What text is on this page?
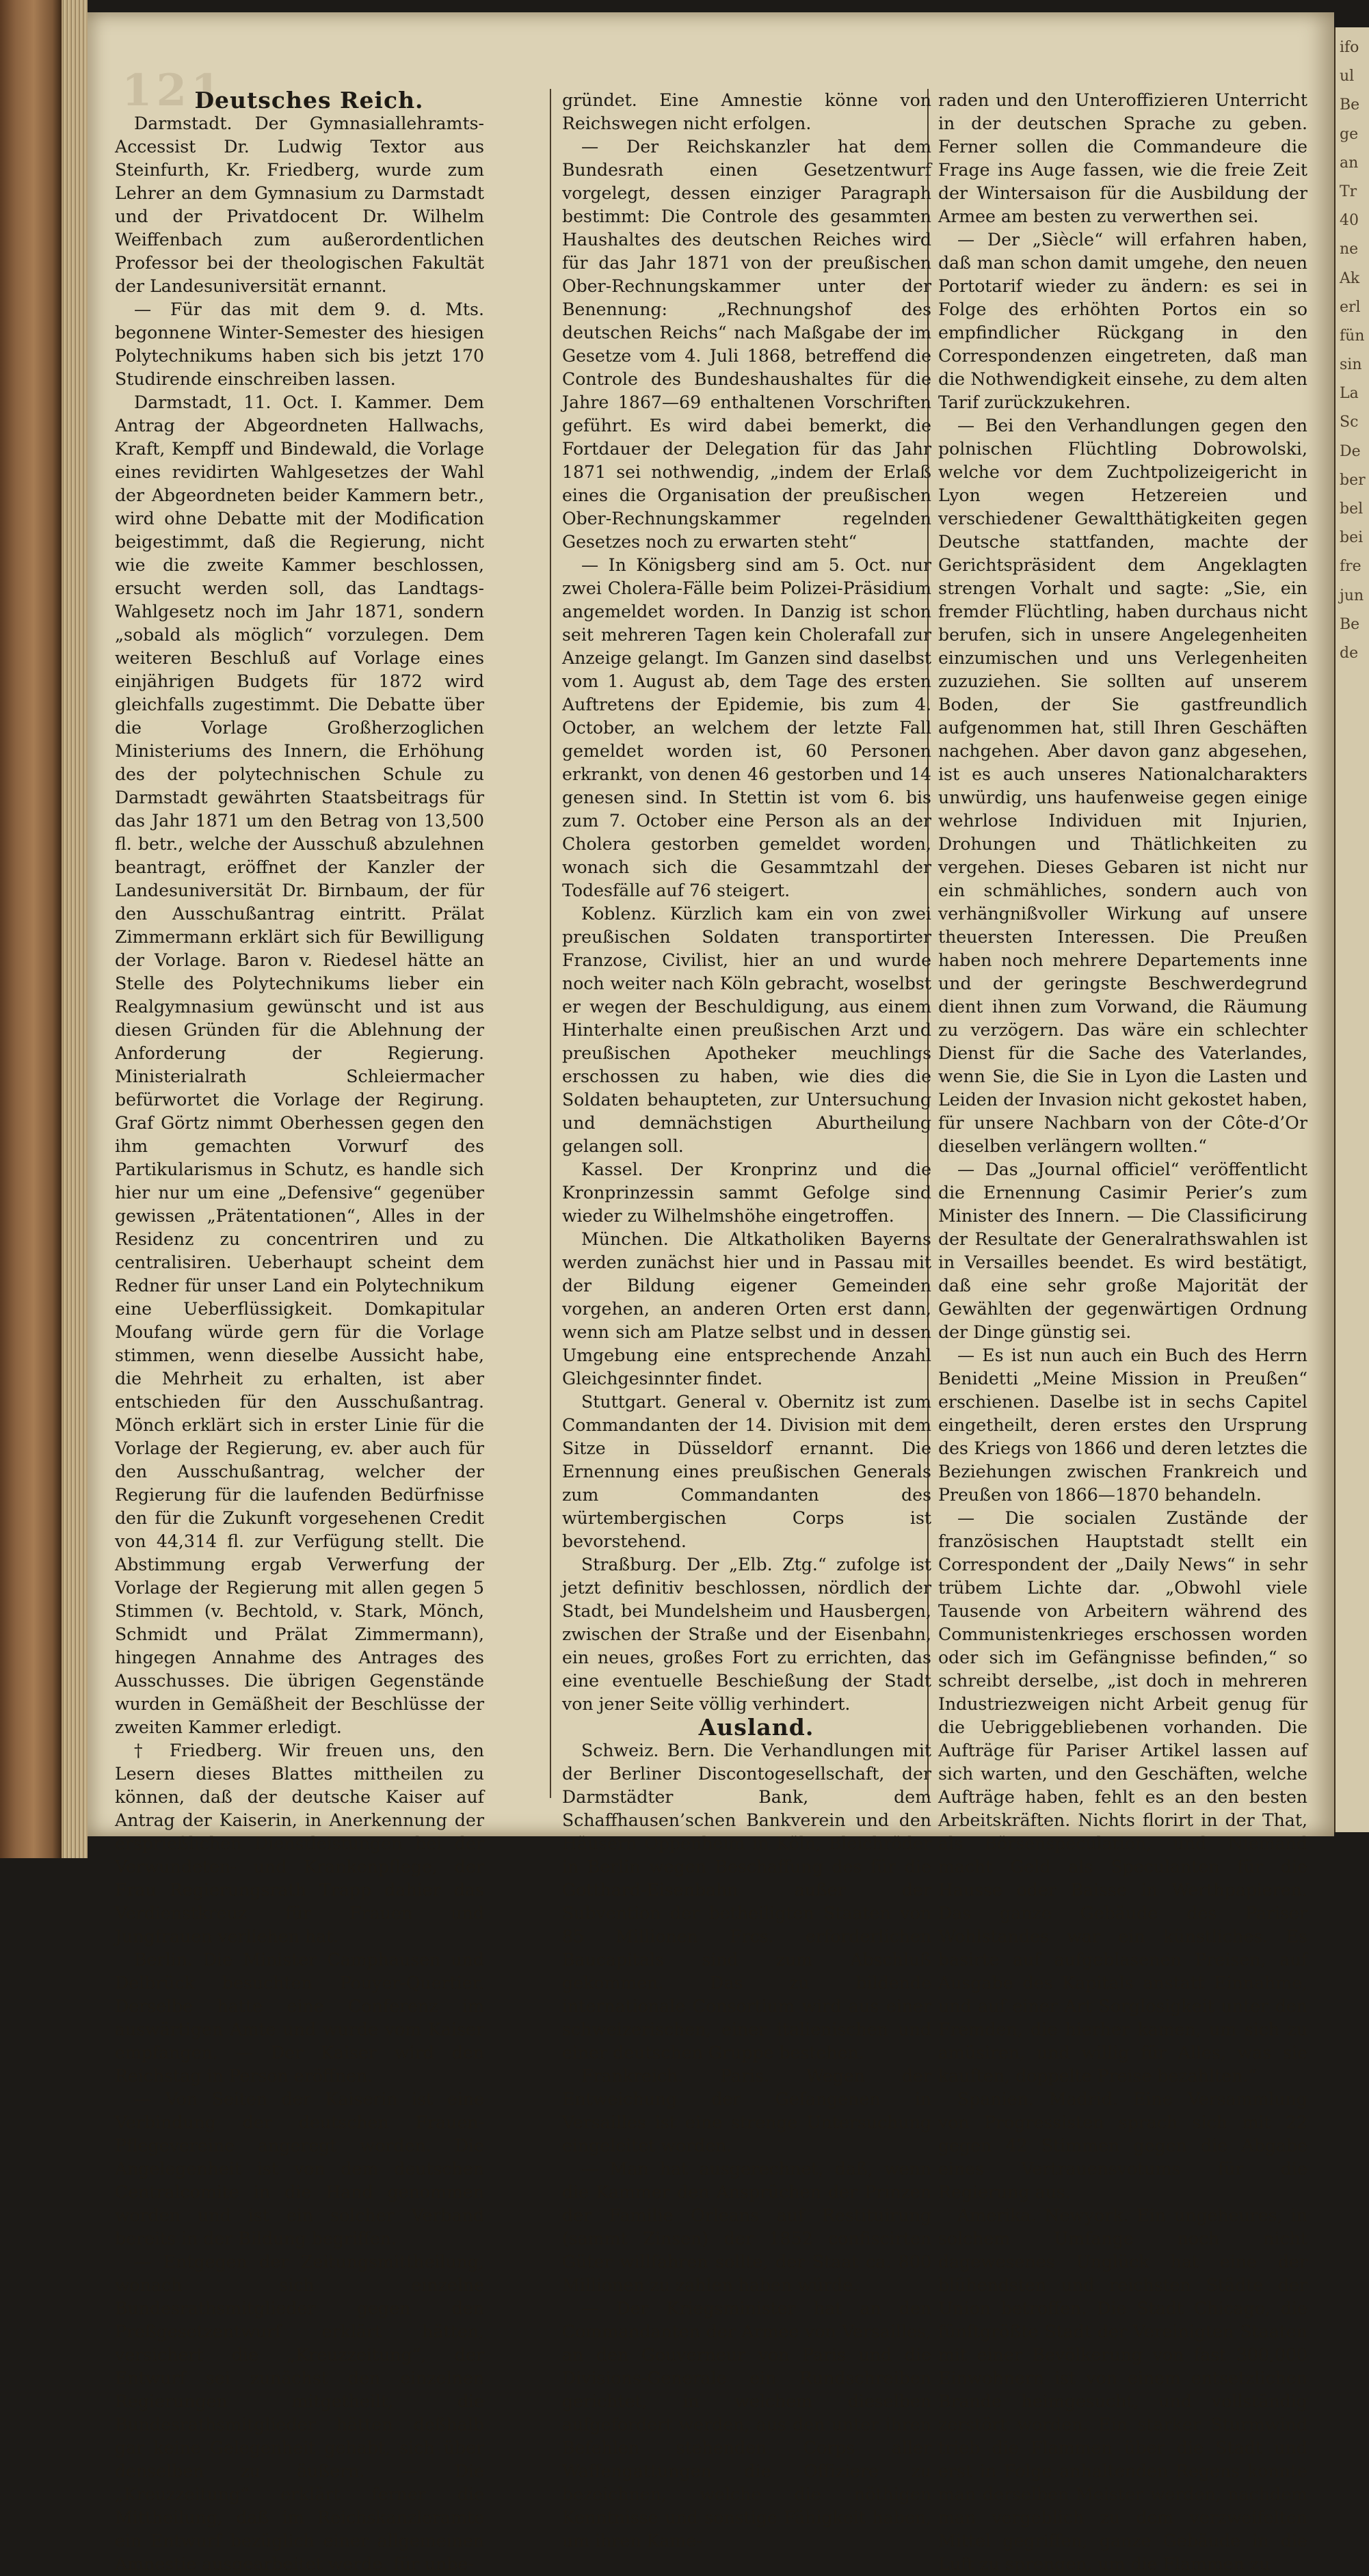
121
ifo
ul
Be
ge
an
Tr
40
ne
Ak
erl
fün
sin
La
Sc
De
ber
bel
bei
fre
jun
Be
de

Deutsches Reich.

Darmstadt. Der Gymnasiallehramts-Accessist Dr. Ludwig Textor aus Steinfurth, Kr. Friedberg, wurde zum Lehrer an dem Gymnasium zu Darmstadt und der Privatdocent Dr. Wilhelm Weiffenbach zum außerordentlichen Professor bei der theologischen Fakultät der Landesuniversität ernannt.

— Für das mit dem 9. d. Mts. begonnene Winter-Semester des hiesigen Polytechnikums haben sich bis jetzt 170 Studirende einschreiben lassen.

Darmstadt, 11. Oct. I. Kammer. Dem Antrag der Abgeordneten Hallwachs, Kraft, Kempff und Bindewald, die Vorlage eines revidirten Wahlgesetzes der Wahl der Abgeordneten beider Kammern betr., wird ohne Debatte mit der Modification beigestimmt, daß die Regierung, nicht wie die zweite Kammer beschlossen, ersucht werden soll, das Landtags-Wahlgesetz noch im Jahr 1871, sondern „sobald als möglich“ vorzulegen. Dem weiteren Beschluß auf Vorlage eines einjährigen Budgets für 1872 wird gleichfalls zugestimmt. Die Debatte über die Vorlage Großherzoglichen Ministeriums des Innern, die Erhöhung des der polytechnischen Schule zu Darmstadt gewährten Staatsbeitrags für das Jahr 1871 um den Betrag von 13,500 fl. betr., welche der Ausschuß abzulehnen beantragt, eröffnet der Kanzler der Landesuniversität Dr. Birnbaum, der für den Ausschußantrag eintritt. Prälat Zimmermann erklärt sich für Bewilligung der Vorlage. Baron v. Riedesel hätte an Stelle des Polytechnikums lieber ein Realgymnasium gewünscht und ist aus diesen Gründen für die Ablehnung der Anforderung der Regierung. Ministerialrath Schleiermacher befürwortet die Vorlage der Regirung. Graf Görtz nimmt Oberhessen gegen den ihm gemachten Vorwurf des Partikularismus in Schutz, es handle sich hier nur um eine „Defensive“ gegenüber gewissen „Prätentationen“, Alles in der Residenz zu concentriren und zu centralisiren. Ueberhaupt scheint dem Redner für unser Land ein Polytechnikum eine Ueberflüssigkeit. Domkapitular Moufang würde gern für die Vorlage stimmen, wenn dieselbe Aussicht habe, die Mehrheit zu erhalten, ist aber entschieden für den Ausschußantrag. Mönch erklärt sich in erster Linie für die Vorlage der Regierung, ev. aber auch für den Ausschußantrag, welcher der Regierung für die laufenden Bedürfnisse den für die Zukunft vorgesehenen Credit von 44,314 fl. zur Verfügung stellt. Die Abstimmung ergab Verwerfung der Vorlage der Regierung mit allen gegen 5 Stimmen (v. Bechtold, v. Stark, Mönch, Schmidt und Prälat Zimmermann), hingegen Annahme des Antrages des Ausschusses. Die übrigen Gegenstände wurden in Gemäßheit der Beschlüsse der zweiten Kammer erledigt.

† Friedberg. Wir freuen uns, den Lesern dieses Blattes mittheilen zu können, daß der deutsche Kaiser auf Antrag der Kaiserin, in Anerkennung der ersprießlichen Dienstleistungen bei der Verwundeten- und Krankenpflege, der Frau Regierungsrath Trapp dahier das Verdienstkreuz für Frauen und Jungfrauen verliehen hat.

Berlin. Die Minister Camphausen und Delbrück besuchten Pouyer-Quertier. Derselbe hatte eine Conferenz im auswärtigen Amte und wurde vom Kaiser empfangen. — Der Kaiser wird den Reichstag in Person eröffnen.

— Von Seiten der Kaiserin ist eine Verbindung der deutschen Frauen-Pflegevereine angeregt worden. Die Angelegenheit ist von dem deutschen Centralcomite in die Hand genommen worden und ist ein solcher Verband bereits in der Bildung begriffen.

— Entgegen der Zeitungsmittheilung, wonach sich einzelne Bundesrathsmitglieder gegen den Preßgesetzentwurf erklärt hätten, versichert die „Kreuzzeitung“, der Entwurf sei zunächst den einzelnen Regierungen mitgetheilt, die Bundesrathsmitglieder hätten deßhalb gar keine Gelegenheit gehabt, sich über denselben zu äußern. — Die „Kreuzzeitung“ erklärt ferner die Mittheilung, daß im Reichskanzleramte ein Entwurf bezüglich einer allgemeinen Amnestie ausgearbeitet werde, für unbe-

gründet. Eine Amnestie könne von Reichswegen nicht erfolgen.

— Der Reichskanzler hat dem Bundesrath einen Gesetzentwurf vorgelegt, dessen einziger Paragraph bestimmt: Die Controle des gesammten Haushaltes des deutschen Reiches wird für das Jahr 1871 von der preußischen Ober-Rechnungskammer unter der Benennung: „Rechnungshof des deutschen Reichs“ nach Maßgabe der im Gesetze vom 4. Juli 1868, betreffend die Controle des Bundeshaushaltes für die Jahre 1867—69 enthaltenen Vorschriften geführt. Es wird dabei bemerkt, die Fortdauer der Delegation für das Jahr 1871 sei nothwendig, „indem der Erlaß eines die Organisation der preußischen Ober-Rechnungskammer regelnden Gesetzes noch zu erwarten steht“

— In Königsberg sind am 5. Oct. nur zwei Cholera-Fälle beim Polizei-Präsidium angemeldet worden. In Danzig ist schon seit mehreren Tagen kein Cholerafall zur Anzeige gelangt. Im Ganzen sind daselbst vom 1. August ab, dem Tage des ersten Auftretens der Epidemie, bis zum 4. October, an welchem der letzte Fall gemeldet worden ist, 60 Personen erkrankt, von denen 46 gestorben und 14 genesen sind. In Stettin ist vom 6. bis zum 7. October eine Person als an der Cholera gestorben gemeldet worden, wonach sich die Gesammtzahl der Todesfälle auf 76 steigert.

Koblenz. Kürzlich kam ein von zwei preußischen Soldaten transportirter Franzose, Civilist, hier an und wurde noch weiter nach Köln gebracht, woselbst er wegen der Beschuldigung, aus einem Hinterhalte einen preußischen Arzt und preußischen Apotheker meuchlings erschossen zu haben, wie dies die Soldaten behaupteten, zur Untersuchung und demnächstigen Aburtheilung gelangen soll.

Kassel. Der Kronprinz und die Kronprinzessin sammt Gefolge sind wieder zu Wilhelmshöhe eingetroffen.

München. Die Altkatholiken Bayerns werden zunächst hier und in Passau mit der Bildung eigener Gemeinden vorgehen, an anderen Orten erst dann, wenn sich am Platze selbst und in dessen Umgebung eine entsprechende Anzahl Gleichgesinnter findet.

Stuttgart. General v. Obernitz ist zum Commandanten der 14. Division mit dem Sitze in Düsseldorf ernannt. Die Ernennung eines preußischen Generals zum Commandanten des würtembergischen Corps ist bevorstehend.

Straßburg. Der „Elb. Ztg.“ zufolge ist jetzt definitiv beschlossen, nördlich der Stadt, bei Mundelsheim und Hausbergen, zwischen der Straße und der Eisenbahn, ein neues, großes Fort zu errichten, das eine eventuelle Beschießung der Stadt von jener Seite völlig verhindert.

Ausland.

Schweiz. Bern. Die Verhandlungen mit der Berliner Discontogesellschaft, der Darmstädter Bank, dem Schaffhausen’schen Bankverein und den Häusern Oppenheim in Köln, Bleichröder in Berlin wegen Beschaffung des für die Gotthard-Eisenbahn außer der Subvention der betheiligten Staaten von 85 Millionen Frcs. erforderlichen Baucapitals sind zum Abschluß gekommen. Das zu bildende internationale Consortium wird aus einer schweizerischen, einer italienischen und einer deutschen Gruppe bestehen.

Frankreich. Paris. Wegen der Entweichung der Gefangenen in Versailles ist eine strenge Untersuchung eingeleitet worden.

— Man hat ausgerechnet, daß, wenn die Kammer den Ansprüchen der Prinzen der Familie Orleans auf Restituirung (sammt Zinsen) der 1852 confiscirten Güter willfahren sollte, der Staat ca. 800 Millionen zu zahlen haben würde.

— Der Kriegsminister hat an den Commandanten der Armee von Versailles, an den Gouverneur von Paris und die Divisions-Generale ein Rundschreiben gerichtet, in welchem dieselben aufgefordert werden, aus den unter ihren Befehlen stehenden Corps aller Waffengattungen die Offiziere zu bezeichnen, welche die nöthigen Kenntnisse und sonstige Fähigkeit haben, um ihren Kame-

raden und den Unteroffizieren Unterricht in der deutschen Sprache zu geben. Ferner sollen die Commandeure die Frage ins Auge fassen, wie die freie Zeit der Wintersaison für die Ausbildung der Armee am besten zu verwerthen sei.

— Der „Siècle“ will erfahren haben, daß man schon damit umgehe, den neuen Portotarif wieder zu ändern: es sei in Folge des erhöhten Portos ein so empfindlicher Rückgang in den Correspondenzen eingetreten, daß man die Nothwendigkeit einsehe, zu dem alten Tarif zurückzukehren.

— Bei den Verhandlungen gegen den polnischen Flüchtling Dobrowolski, welche vor dem Zuchtpolizeigericht in Lyon wegen Hetzereien und verschiedener Gewaltthätigkeiten gegen Deutsche stattfanden, machte der Gerichtspräsident dem Angeklagten strengen Vorhalt und sagte: „Sie, ein fremder Flüchtling, haben durchaus nicht berufen, sich in unsere Angelegenheiten einzumischen und uns Verlegenheiten zuzuziehen. Sie sollten auf unserem Boden, der Sie gastfreundlich aufgenommen hat, still Ihren Geschäften nachgehen. Aber davon ganz abgesehen, ist es auch unseres Nationalcharakters unwürdig, uns haufenweise gegen einige wehrlose Individuen mit Injurien, Drohungen und Thätlichkeiten zu vergehen. Dieses Gebaren ist nicht nur ein schmähliches, sondern auch von verhängnißvoller Wirkung auf unsere theuersten Interessen. Die Preußen haben noch mehrere Departements inne und der geringste Beschwerdegrund dient ihnen zum Vorwand, die Räumung zu verzögern. Das wäre ein schlechter Dienst für die Sache des Vaterlandes, wenn Sie, die Sie in Lyon die Lasten und Leiden der Invasion nicht gekostet haben, für unsere Nachbarn von der Côte-d’Or dieselben verlängern wollten.“

— Das „Journal officiel“ veröffentlicht die Ernennung Casimir Perier’s zum Minister des Innern. — Die Classificirung der Resultate der Generalrathswahlen ist in Versailles beendet. Es wird bestätigt, daß eine sehr große Majorität der Gewählten der gegenwärtigen Ordnung der Dinge günstig sei.

— Es ist nun auch ein Buch des Herrn Benidetti „Meine Mission in Preußen“ erschienen. Daselbe ist in sechs Capitel eingetheilt, deren erstes den Ursprung des Kriegs von 1866 und deren letztes die Beziehungen zwischen Frankreich und Preußen von 1866—1870 behandeln.

— Die socialen Zustände der französischen Hauptstadt stellt ein Correspondent der „Daily News“ in sehr trübem Lichte dar. „Obwohl viele Tausende von Arbeitern während des Communistenkrieges erschossen worden oder sich im Gefängnisse befinden,“ so schreibt derselbe, „ist doch in mehreren Industriezweigen nicht Arbeit genug für die Uebriggebliebenen vorhanden. Die Aufträge für Pariser Artikel lassen auf sich warten, und den Geschäften, welche Aufträge haben, fehlt es an den besten Arbeitskräften. Nichts florirt in der That, als Börsenspeculation, und Niemand macht Geld als Speculanten für die Hausse oder Baisse in Werthpapieren. Das ganze Gebäude des Pariser Wohlstandes war ein künstliches. Es basirte auf aufgeblasenen Preisen, auf Ausgabe des Kapitals anstatt Einnahme, und auf einer Art Sorglosigkeit unter den Fremden, die hierher kamen, um sich zu amüsiren, und willig für Alles, was sie kauften, doppelte Preise bezahlten.“

Spanien. Madrid. Eine Versammlung von Progressisten sprach sich mit 22 gegen 42 Stimmen gegen die Abgabe eines Vertrauensvotums für die Regierung aus.

Amerika. Newyork. Ein ungeheures, in solchem Umfange noch nicht dagewesenes Unglück hat eine der blühendsten und reichsten Städte der Union betroffen. Die Stadt Chicago, die fünftgrößte Stadt der Vereinigten Staaten mit einer Bevölkerung von fast 300,000 Einwohnern ist von einem entsetzlichen Brande heimgesucht, und vollständig zerstört worden. Ein starker Sturmwind trieb die Flammen über die Stadt und erst in Folge anhaltenden Regens konnte man derselben Meister werden, nachdem man vergeblich zu dem verzweifelten Mittel gegriffen, ganze Gebäude in die Luft zu sprengen, um die Flammen zu
